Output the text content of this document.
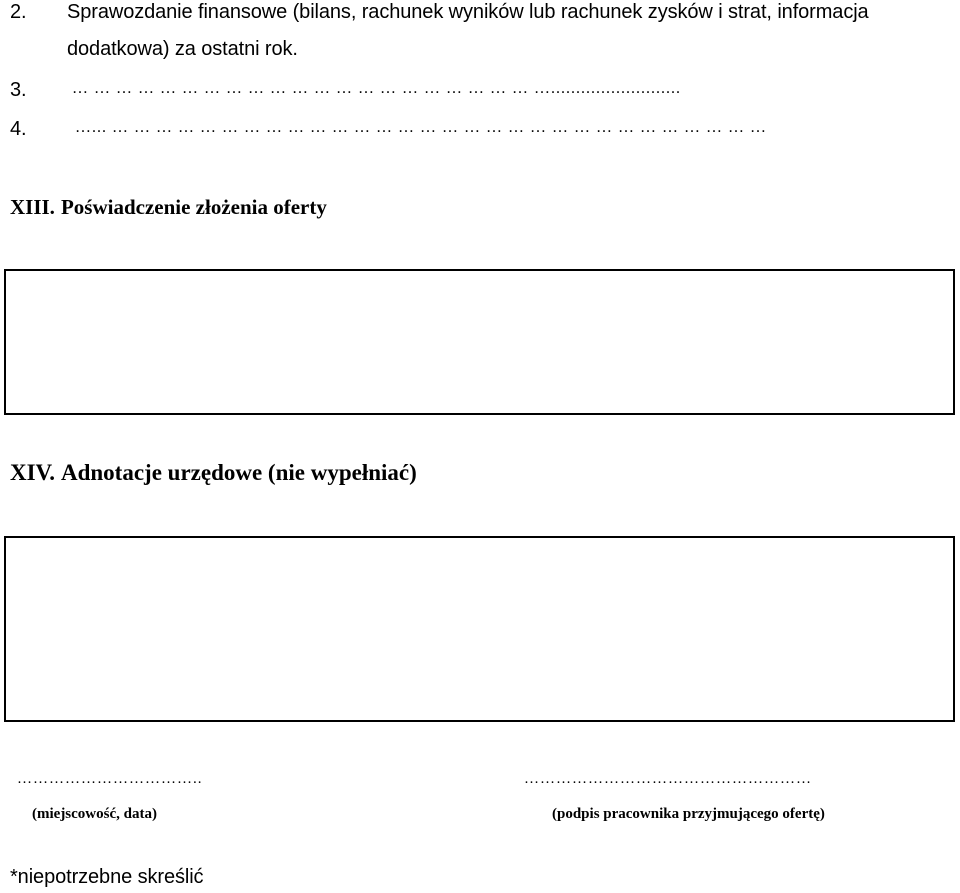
2. Sprawozdanie finansowe (bilans, rachunek wyników lub rachunek zysków i strat, informacja
dodatkowa) za ostatni rok.
3.	… … … … … … … … … … … … … … … … … … … … … …..........................
4.	…... … … … … … … … … … … … … … … … … … … … … … … … … … … … … … …
XIII. Poświadczenie złożenia oferty
XIV. Adnotacje urzędowe (nie wypełniać)
……………………………..
(miejscowość, data)
………………………………………………
(podpis pracownika przyjmującego ofertę)
*niepotrzebne skreślić
